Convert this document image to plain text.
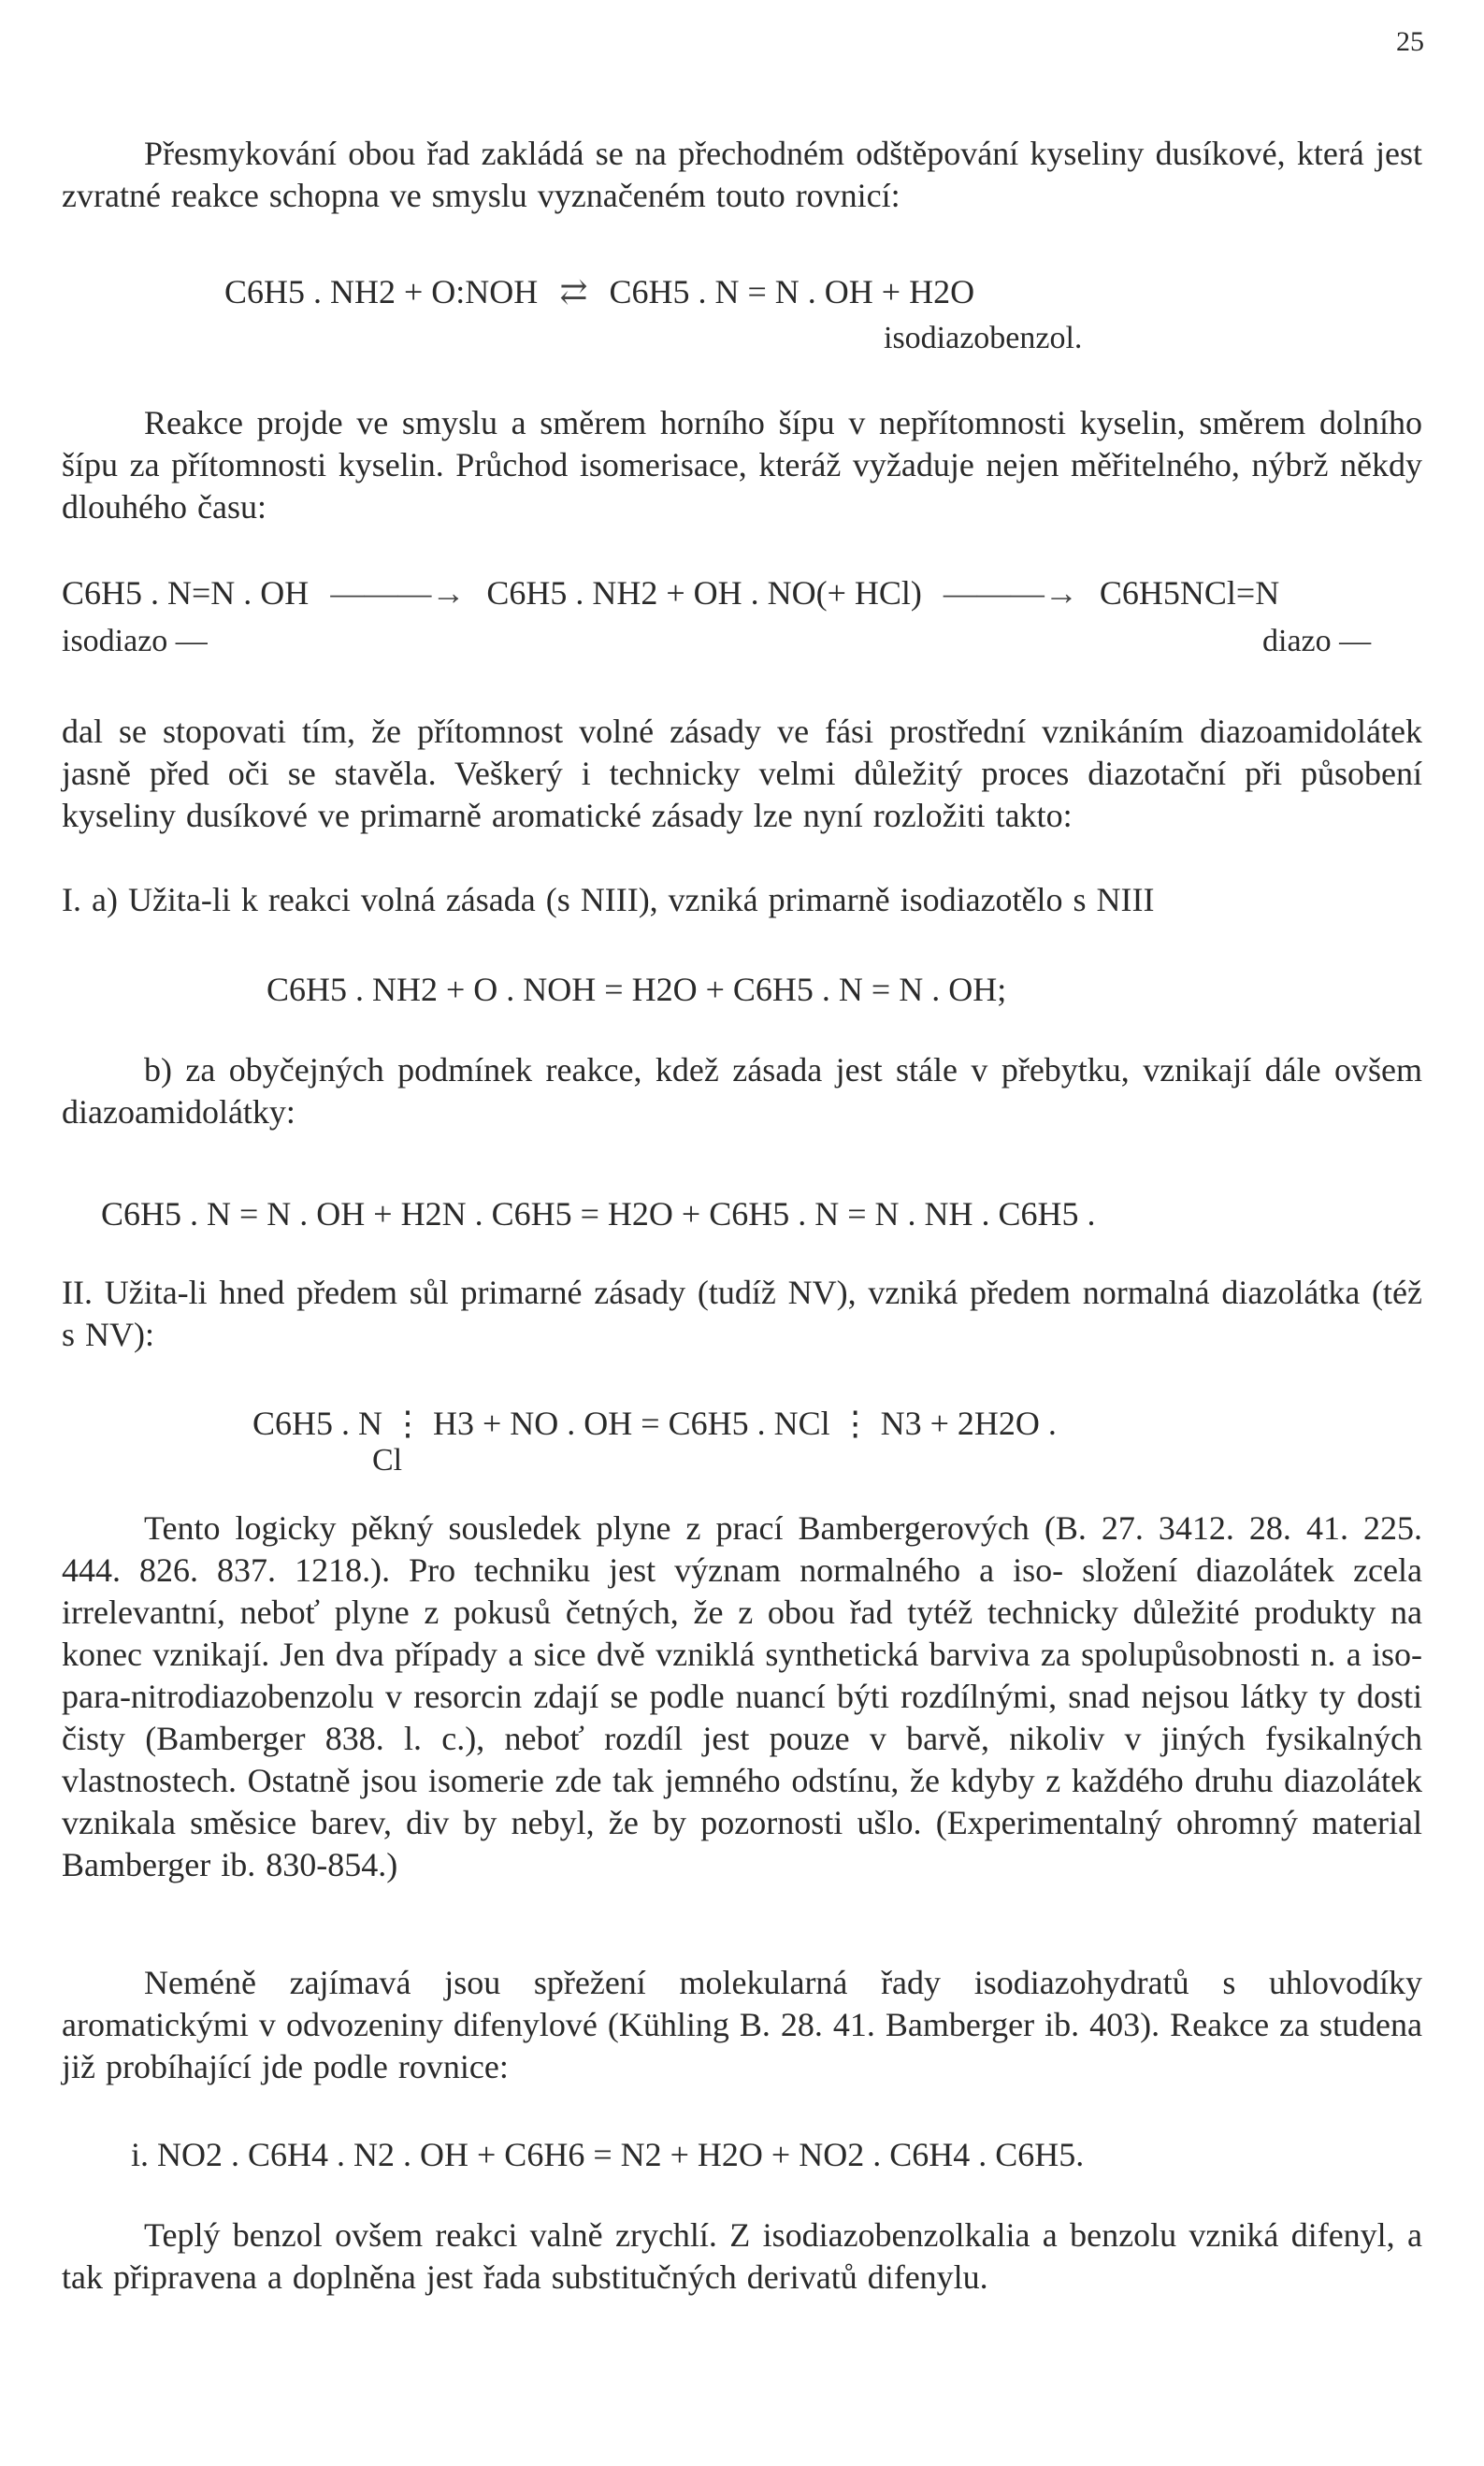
25
Přesmykování obou řad zakládá se na přechodném odštěpování kyseliny dusíkové, která jest zvratné reakce schopna ve smyslu vyznačeném touto rovnicí:
C6H5 . NH2 + O:NOH ⇄ C6H5 . N = N . OH + H2O
isodiazobenzol.
Reakce projde ve smyslu a směrem horního šípu v nepřítomnosti kyselin, směrem dolního šípu za přítomnosti kyselin. Průchod isomerisace, kteráž vyžaduje nejen měřitelného, nýbrž někdy dlouhého času:
C6H5 . N=N . OH ———→ C6H5 . NH2 + OH . NO(+ HCl) ———→ C6H5NCl=N
isodiazo —	diazo —
dal se stopovati tím, že přítomnost volné zásady ve fási prostřední vznikáním diazoamidolátek jasně před oči se stavěla. Veškerý i technicky velmi důležitý proces diazotační při působení kyseliny dusíkové ve primarně aromatické zásady lze nyní rozložiti takto:
I. a) Užita-li k reakci volná zásada (s NIII), vzniká primarně isodiazotělo s NIII
C6H5 . NH2 + O . NOH = H2O + C6H5 . N = N . OH;
b) za obyčejných podmínek reakce, kdež zásada jest stále v přebytku, vznikají dále ovšem diazoamidolátky:
C6H5 . N = N . OH + H2N . C6H5 = H2O + C6H5 . N = N . NH . C6H5 .
II. Užita-li hned předem sůl primarné zásady (tudíž NV), vzniká předem normalná diazolátka (též s NV):
C6H5 . N ⋮ H3 + NO . OH = C6H5 . NCl ⋮ N3 + 2H2O .
Cl
Tento logicky pěkný sousledek plyne z prací Bambergerových (B. 27. 3412. 28. 41. 225. 444. 826. 837. 1218.). Pro techniku jest význam normalného a iso- složení diazolátek zcela irrelevantní, neboť plyne z pokusů četných, že z obou řad tytéž technicky důležité produkty na konec vznikají. Jen dva případy a sice dvě vzniklá synthetická barviva za spolupůsobnosti n. a iso- para-nitrodiazobenzolu v resorcin zdají se podle nuancí býti rozdílnými, snad nejsou látky ty dosti čisty (Bamberger 838. l. c.), neboť rozdíl jest pouze v barvě, nikoliv v jiných fysikalných vlastnostech. Ostatně jsou isomerie zde tak jemného odstínu, že kdyby z každého druhu diazolátek vznikala směsice barev, div by nebyl, že by pozornosti ušlo. (Experimentalný ohromný material Bamberger ib. 830-854.)
Neméně zajímavá jsou spřežení molekularná řady isodiazohydratů s uhlovodíky aromatickými v odvozeniny difenylové (Kühling B. 28. 41. Bamberger ib. 403). Reakce za studena již probíhající jde podle rovnice:
i. NO2 . C6H4 . N2 . OH + C6H6 = N2 + H2O + NO2 . C6H4 . C6H5.
Teplý benzol ovšem reakci valně zrychlí. Z isodiazobenzolkalia a benzolu vzniká difenyl, a tak připravena a doplněna jest řada substitučných derivatů difenylu.
